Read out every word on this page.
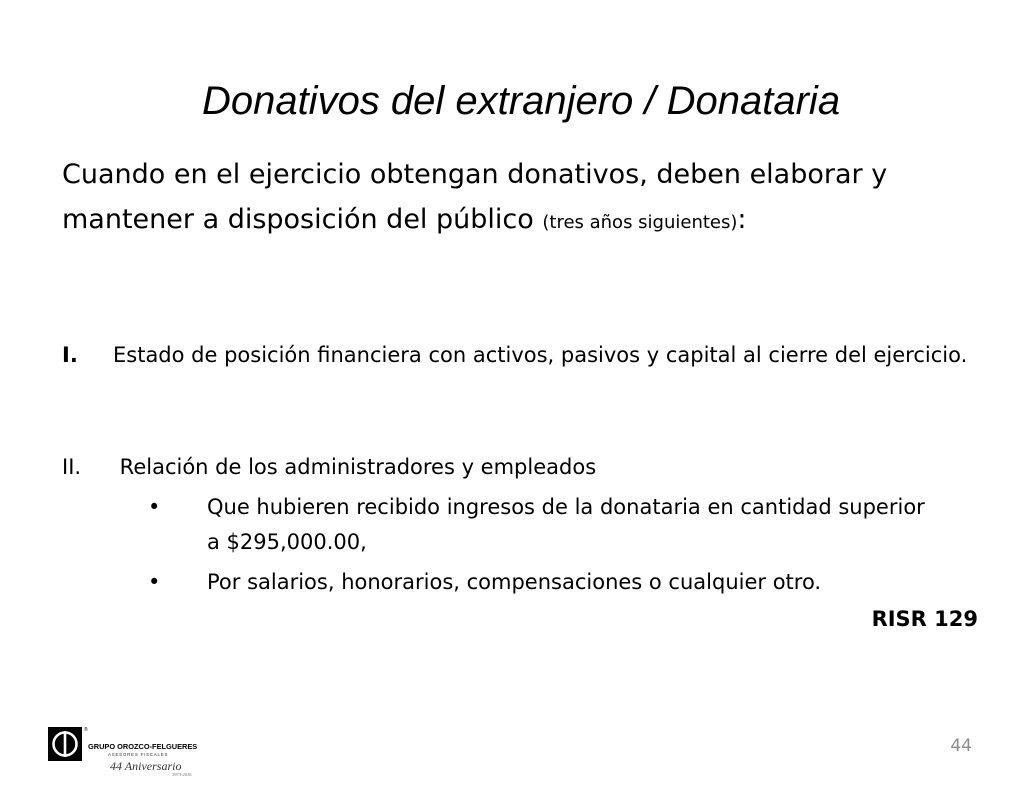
Donativos del extranjero / Donataria
Cuando en el ejercicio obtengan donativos, deben elaborar y mantener a disposición del público (tres años siguientes):
I. Estado de posición financiera con activos, pasivos y capital al cierre del ejercicio.
II. Relación de los administradores y empleados
• Que hubieren recibido ingresos de la donataria en cantidad superior a $295,000.00,
• Por salarios, honorarios, compensaciones o cualquier otro.
RISR 129
®
GRUPO OROZCO-FELGUERES
ASESORES FISCALES
44 Aniversario
1973-2016
44
